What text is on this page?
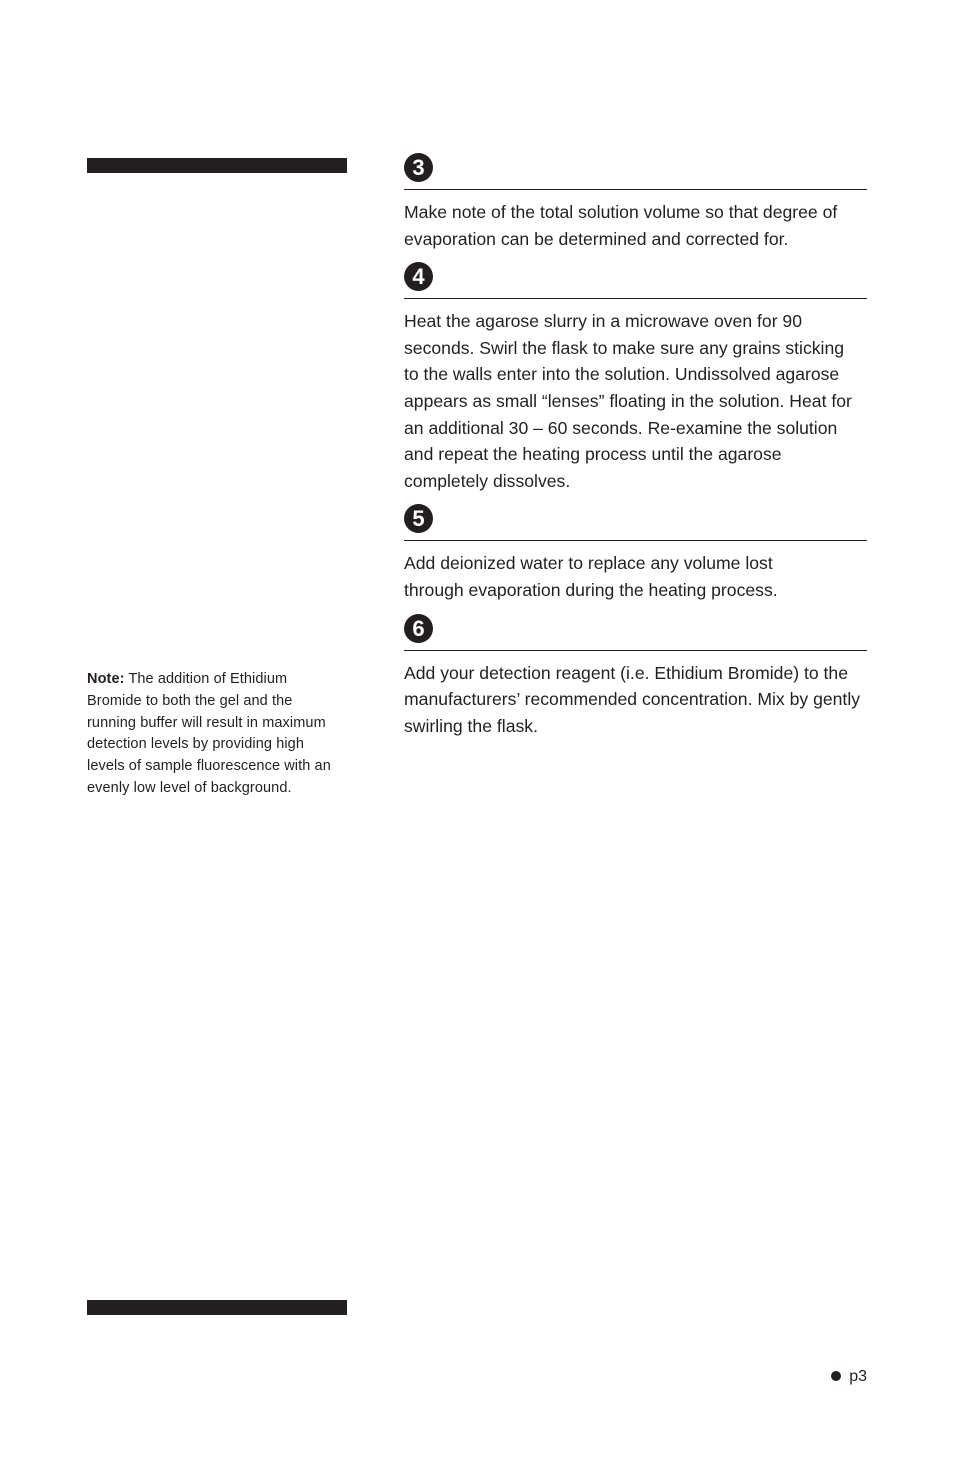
Note: The addition of Ethidium Bromide to both the gel and the running buffer will result in maximum detection levels by providing high levels of sample fluorescence with an evenly low level of background.
3

Make note of the total solution volume so that degree of evaporation can be determined and corrected for.

4

Heat the agarose slurry in a microwave oven for 90 seconds. Swirl the flask to make sure any grains sticking to the walls enter into the solution. Undissolved agarose appears as small “lenses” floating in the solution. Heat for an additional 30 – 60 seconds. Re-examine the solution and repeat the heating process until the agarose completely dissolves.

5

Add deionized water to replace any volume lost through evaporation during the heating process.

6

Add your detection reagent (i.e. Ethidium Bromide) to the manufacturers’ recommended concentration. Mix by gently swirling the flask.

p3
